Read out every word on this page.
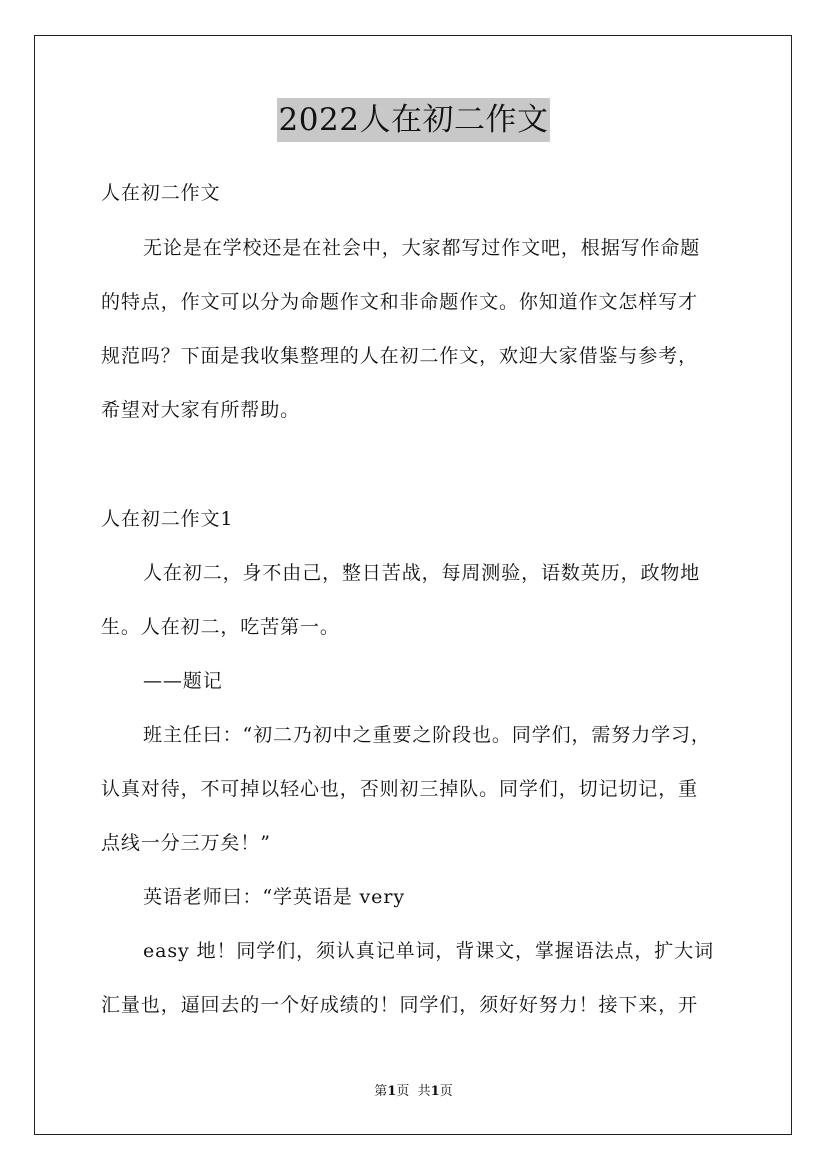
2022人在初二作文
人在初二作文
无论是在学校还是在社会中，大家都写过作文吧，根据写作命题
的特点，作文可以分为命题作文和非命题作文。你知道作文怎样写才
规范吗？下面是我收集整理的人在初二作文，欢迎大家借鉴与参考，
希望对大家有所帮助。
人在初二作文1
人在初二，身不由己，整日苦战，每周测验，语数英历，政物地
生。人在初二，吃苦第一。
——题记
班主任曰：“初二乃初中之重要之阶段也。同学们，需努力学习，
认真对待，不可掉以轻心也，否则初三掉队。同学们，切记切记，重
点线一分三万矣！”
英语老师曰：“学英语是 very
easy 地！同学们，须认真记单词，背课文，掌握语法点，扩大词
汇量也，逼回去的一个好成绩的！同学们，须好好努力！接下来，开
第1页 共1页
